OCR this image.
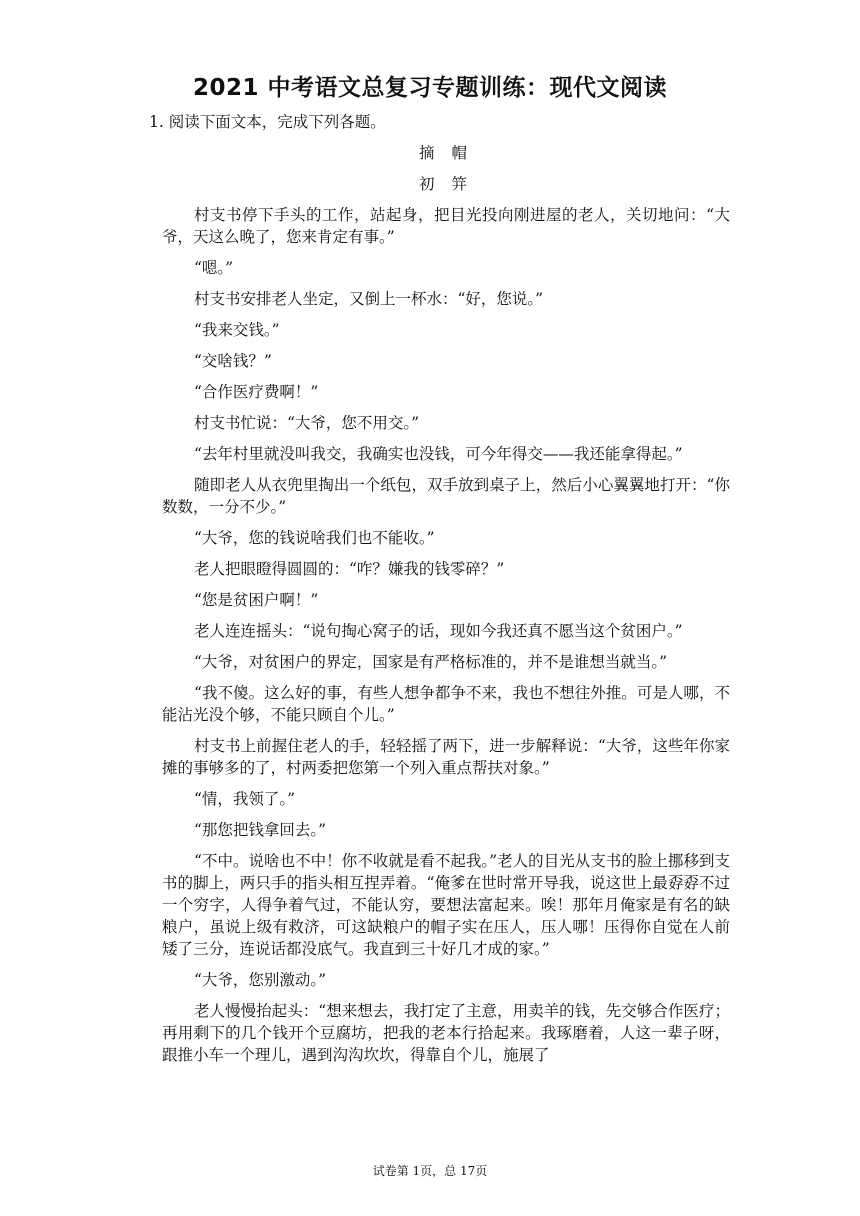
2021 中考语文总复习专题训练：现代文阅读

1. 阅读下面文本，完成下列各题。

摘 帽

初 笄

村支书停下手头的工作，站起身，把目光投向刚进屋的老人，关切地问：“大爷，天这么晚了，您来肯定有事。”

“嗯。”

村支书安排老人坐定，又倒上一杯水：“好，您说。”

“我来交钱。”

“交啥钱？”

“合作医疗费啊！”

村支书忙说：“大爷，您不用交。”

“去年村里就没叫我交，我确实也没钱，可今年得交——我还能拿得起。”

随即老人从衣兜里掏出一个纸包，双手放到桌子上，然后小心翼翼地打开：“你数数，一分不少。”

“大爷，您的钱说啥我们也不能收。”

老人把眼瞪得圆圆的：“咋？嫌我的钱零碎？”

“您是贫困户啊！”

老人连连摇头：“说句掏心窝子的话，现如今我还真不愿当这个贫困户。”

“大爷，对贫困户的界定，国家是有严格标准的，并不是谁想当就当。”

“我不傻。这么好的事，有些人想争都争不来，我也不想往外推。可是人哪，不能沾光没个够，不能只顾自个儿。”

村支书上前握住老人的手，轻轻摇了两下，进一步解释说：“大爷，这些年你家摊的事够多的了，村两委把您第一个列入重点帮扶对象。”

“情，我领了。”

“那您把钱拿回去。”

“不中。说啥也不中！你不收就是看不起我。”老人的目光从支书的脸上挪移到支书的脚上，两只手的指头相互捏弄着。“俺爹在世时常开导我，说这世上最孬孬不过一个穷字，人得争着气过，不能认穷，要想法富起来。唉！那年月俺家是有名的缺粮户，虽说上级有救济，可这缺粮户的帽子实在压人，压人哪！压得你自觉在人前矮了三分，连说话都没底气。我直到三十好几才成的家。”

“大爷，您别激动。”

老人慢慢抬起头：“想来想去，我打定了主意，用卖羊的钱，先交够合作医疗；再用剩下的几个钱开个豆腐坊，把我的老本行拾起来。我琢磨着，人这一辈子呀，跟推小车一个理儿，遇到沟沟坎坎，得靠自个儿，施展了

试卷第 1页，总 17页
